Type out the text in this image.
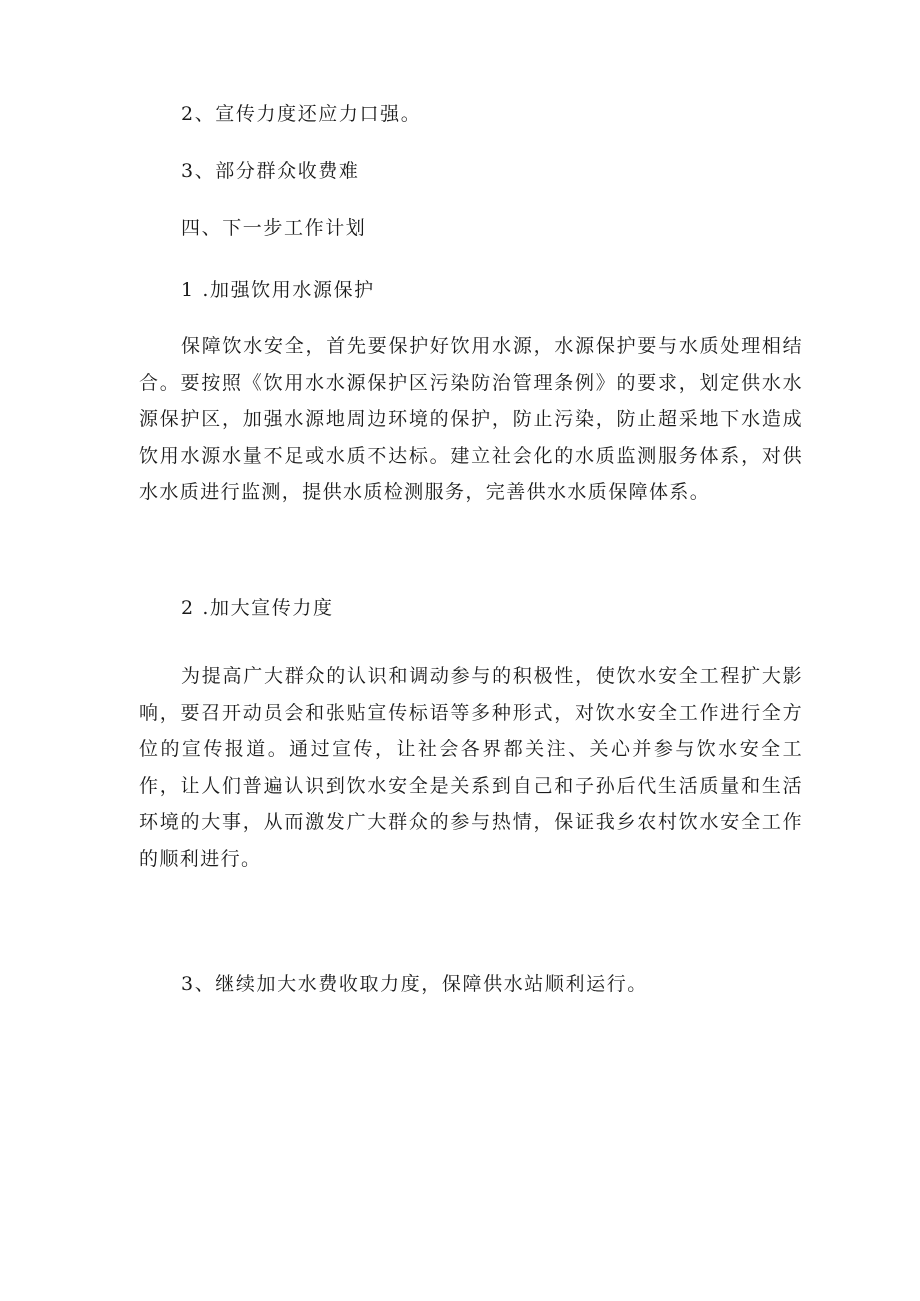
2、宣传力度还应力口强。
3、部分群众收费难
四、下一步工作计划
1 .加强饮用水源保护

保障饮水安全，首先要保护好饮用水源，水源保护要与水质处理相结合。要按照《饮用水水源保护区污染防治管理条例》的要求，划定供水水源保护区，加强水源地周边环境的保护，防止污染，防止超采地下水造成饮用水源水量不足或水质不达标。建立社会化的水质监测服务体系，对供水水质进行监测，提供水质检测服务，完善供水水质保障体系。

2 .加大宣传力度

为提高广大群众的认识和调动参与的积极性，使饮水安全工程扩大影响，要召开动员会和张贴宣传标语等多种形式，对饮水安全工作进行全方位的宣传报道。通过宣传，让社会各界都关注、关心并参与饮水安全工作，让人们普遍认识到饮水安全是关系到自己和子孙后代生活质量和生活环境的大事，从而激发广大群众的参与热情，保证我乡农村饮水安全工作的顺利进行。

3、继续加大水费收取力度，保障供水站顺利运行。
